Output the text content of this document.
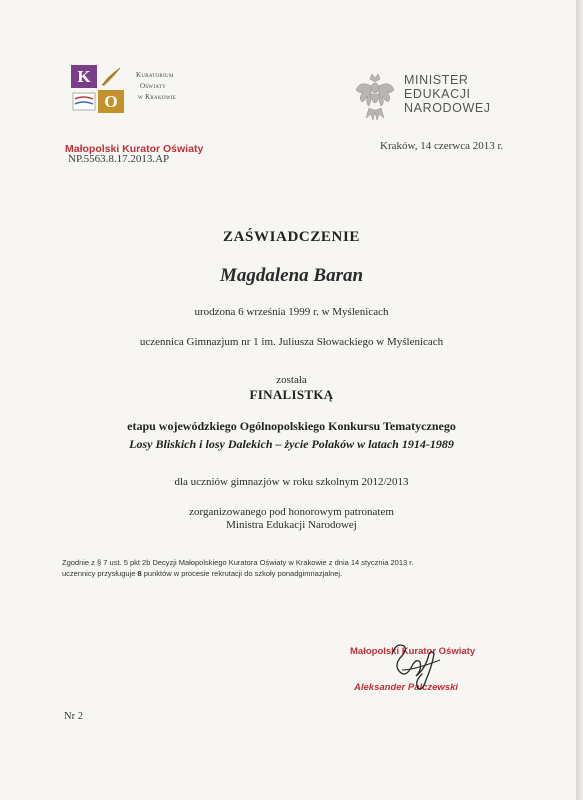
K
O
Kuratorium
Oświaty
w Krakowie
Małopolski Kurator Oświaty
NP.5563.8.17.2013.AP
MINISTER
EDUKACJI
NARODOWEJ
Kraków, 14 czerwca 2013 r.
ZAŚWIADCZENIE
Magdalena Baran
urodzona 6 września 1999 r. w Myślenicach
uczennica Gimnazjum nr 1 im. Juliusza Słowackiego w Myślenicach
została
FINALISTKĄ
etapu wojewódzkiego Ogólnopolskiego Konkursu Tematycznego
Losy Bliskich i losy Dalekich – życie Polaków w latach 1914-1989
dla uczniów gimnazjów w roku szkolnym 2012/2013
zorganizowanego pod honorowym patronatem
Ministra Edukacji Narodowej
Zgodnie z § 7 ust. 5 pkt 2b Decyzji Małopolskiego Kuratora Oświaty w Krakowie z dnia 14 stycznia 2013 r.
uczennicy przysługuje 8 punktów w procesie rekrutacji do szkoły ponadgimnazjalnej.
Małopolski Kurator Oświaty
Aleksander Palczewski
Nr 2
